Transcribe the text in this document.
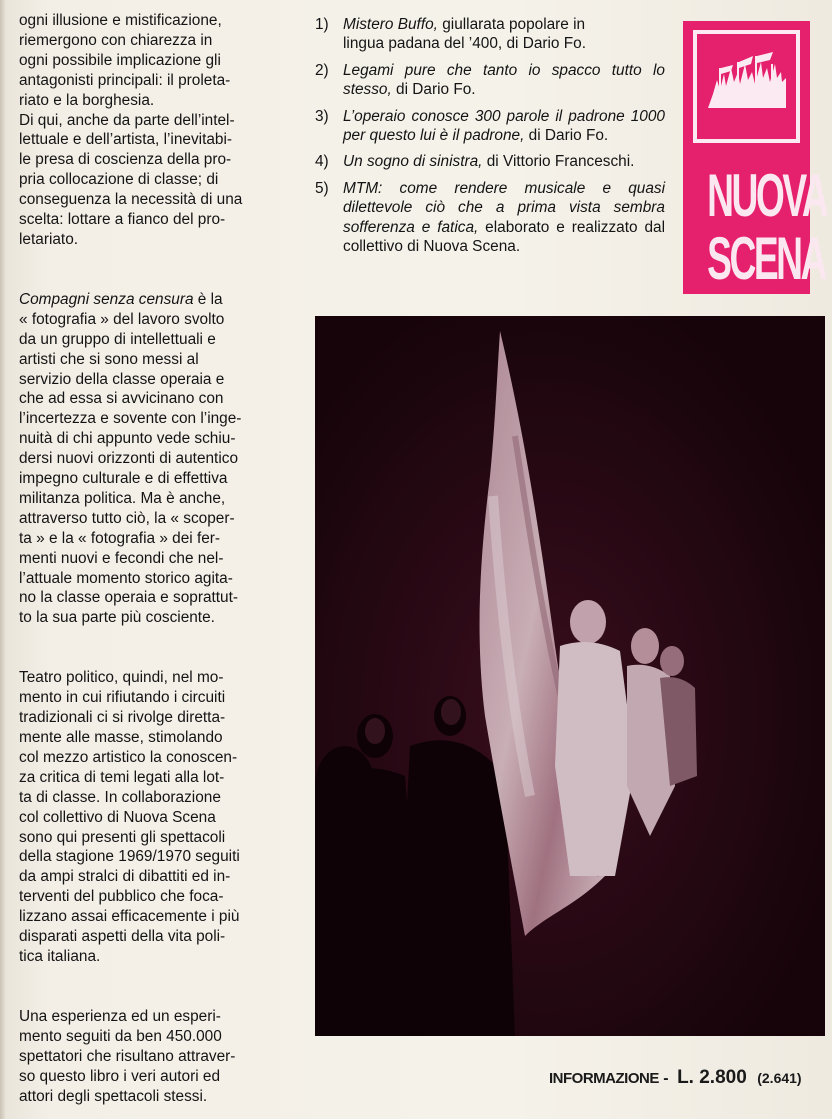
ogni illusione e mistificazione,
riemergono con chiarezza in
ogni possibile implicazione gli
antagonisti principali: il proleta-
riato e la borghesia.
Di qui, anche da parte dell’intel-
lettuale e dell’artista, l’inevitabi-
le presa di coscienza della pro-
pria collocazione di classe; di
conseguenza la necessità di una
scelta: lottare a fianco del pro-
letariato.

Compagni senza censura è la
« fotografia » del lavoro svolto
da un gruppo di intellettuali e
artisti che si sono messi al
servizio della classe operaia e
che ad essa si avvicinano con
l’incertezza e sovente con l’inge-
nuità di chi appunto vede schiu-
dersi nuovi orizzonti di autentico
impegno culturale e di effettiva
militanza politica. Ma è anche,
attraverso tutto ciò, la « scoper-
ta » e la « fotografia » dei fer-
menti nuovi e fecondi che nel-
l’attuale momento storico agita-
no la classe operaia e soprattut-
to la sua parte più cosciente.

Teatro politico, quindi, nel mo-
mento in cui rifiutando i circuiti
tradizionali ci si rivolge diretta-
mente alle masse, stimolando
col mezzo artistico la conoscen-
za critica di temi legati alla lot-
ta di classe. In collaborazione
col collettivo di Nuova Scena
sono qui presenti gli spettacoli
della stagione 1969/1970 seguiti
da ampi stralci di dibattiti ed in-
terventi del pubblico che foca-
lizzano assai efficacemente i più
disparati aspetti della vita poli-
tica italiana.

Una esperienza ed un esperi-
mento seguiti da ben 450.000
spettatori che risultano attraver-
so questo libro i veri autori ed
attori degli spettacoli stessi.

1) Mistero Buffo, giullarata popolare in
lingua padana del ’400, di Dario Fo.
2) Legami pure che tanto io spacco tutto lo stesso, di Dario Fo.
3) L’operaio conosce 300 parole il padrone 1000 per questo lui è il padrone, di Dario Fo.
4) Un sogno di sinistra, di Vittorio Franceschi.
5) MTM: come rendere musicale e quasi dilettevole ciò che a prima vista sembra sofferenza e fatica, elaborato e realizzato dal collettivo di Nuova Scena.
NUOVA
SCENA
INFORMAZIONE - L. 2.800 (2.641)
